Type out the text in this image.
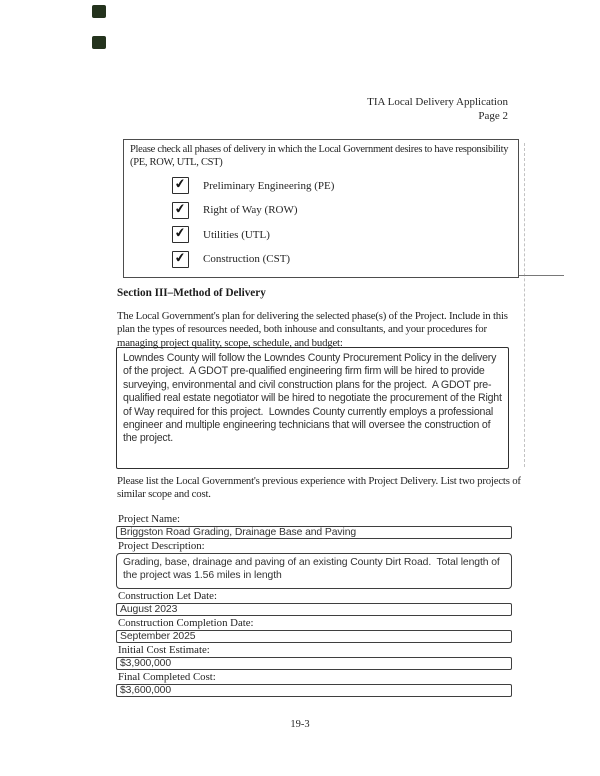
TIA Local Delivery Application
Page 2
Please check all phases of delivery in which the Local Government desires to have responsibility (PE, ROW, UTL, CST)
✔ Preliminary Engineering (PE)
✔ Right of Way (ROW)
✔ Utilities (UTL)
✔ Construction (CST)
Section III–Method of Delivery
The Local Government's plan for delivering the selected phase(s) of the Project. Include in this plan the types of resources needed, both inhouse and consultants, and your procedures for managing project quality, scope, schedule, and budget:
Lowndes County will follow the Lowndes County Procurement Policy in the delivery of the project.  A GDOT pre-qualified engineering firm firm will be hired to provide surveying, environmental and civil construction plans for the project.  A GDOT pre-qualified real estate negotiator will be hired to negotiate the procurement of the Right of Way required for this project.  Lowndes County currently employs a professional engineer and multiple engineering technicians that will oversee the construction of the project.
Please list the Local Government's previous experience with Project Delivery. List two projects of similar scope and cost.
Project Name:
Briggston Road Grading, Drainage Base and Paving
Project Description:
Grading, base, drainage and paving of an existing County Dirt Road.  Total length of the project was 1.56 miles in length
Construction Let Date:
August 2023
Construction Completion Date:
September 2025
Initial Cost Estimate:
$3,900,000
Final Completed Cost:
$3,600,000
19-3
